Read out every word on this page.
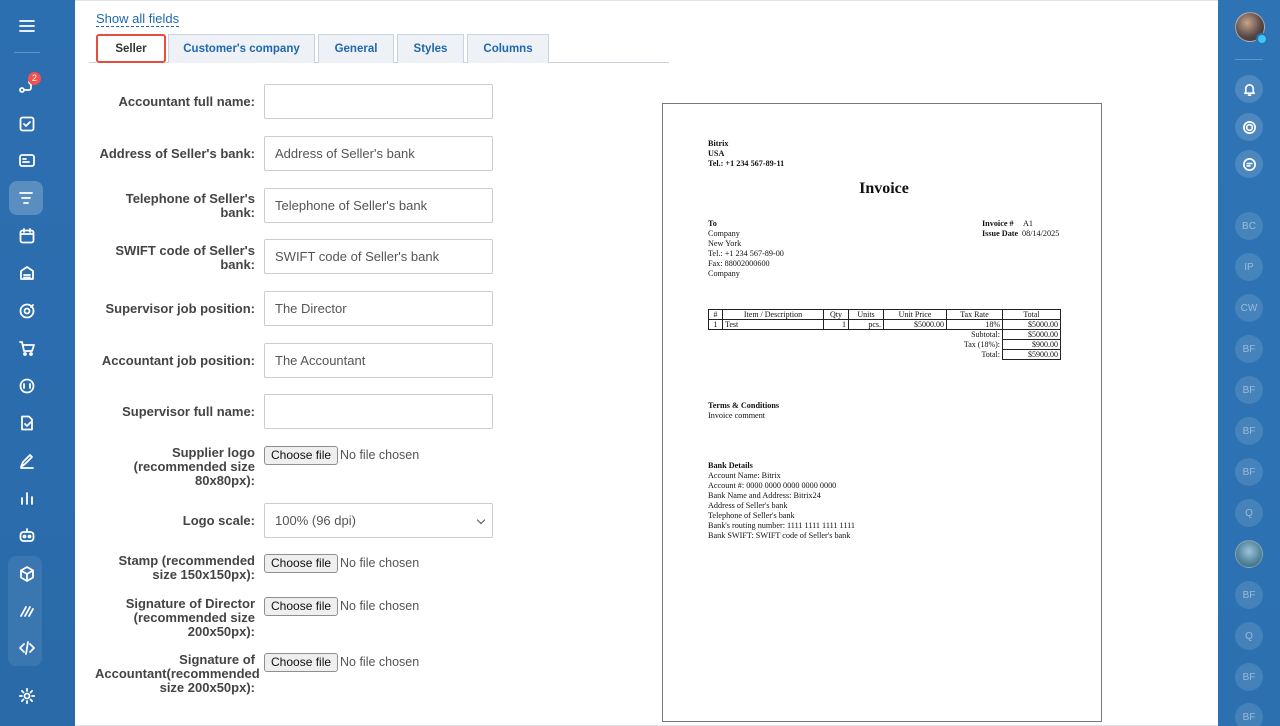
2
Show all fields
Seller	Customer's company	General	Styles	Columns
Accountant full name:
Address of Seller's bank:	Address of Seller's bank
Telephone of Seller's bank:	Telephone of Seller's bank
SWIFT code of Seller's bank:
SWIFT code of Seller's bank
Supervisor job position:	The Director
Accountant job position:	The Accountant
Supervisor full name:
Supplier logo (recommended size 80x80px):
Choose file No file chosen
Logo scale:	100% (96 dpi)
Stamp (recommended size 150x150px):
Choose file No file chosen
Signature of Director (recommended size 200x50px):
Choose file No file chosen
Signature of Accountant(recommended size 200x50px):
Choose file No file chosen
Bitrix
USA
Tel.: +1 234 567-89-11
Invoice
To
Company
New York
Tel.: +1 234 567-89-00
Fax: 88002000600
Company
Invoice # A1
Issue Date 08/14/2025
#	Item / Description	Qty	Units	Unit Price	Tax Rate	Total
1	Test	1	pcs.	$5000.00	18%	$5000.00
Subtotal:						$5000.00
Tax (18%):						$900.00
Total:						$5900.00
Terms & Conditions
Invoice comment
Bank Details
Account Name: Bitrix
Account #: 0000 0000 0000 0000 0000
Bank Name and Address: Bitrix24
Address of Seller's bank
Telephone of Seller's bank
Bank's routing number: 1111 1111 1111 1111
Bank SWIFT: SWIFT code of Seller's bank
BC
IP
CW
BF
BF
BF
BF
Q
BF
Q
BF
BF
